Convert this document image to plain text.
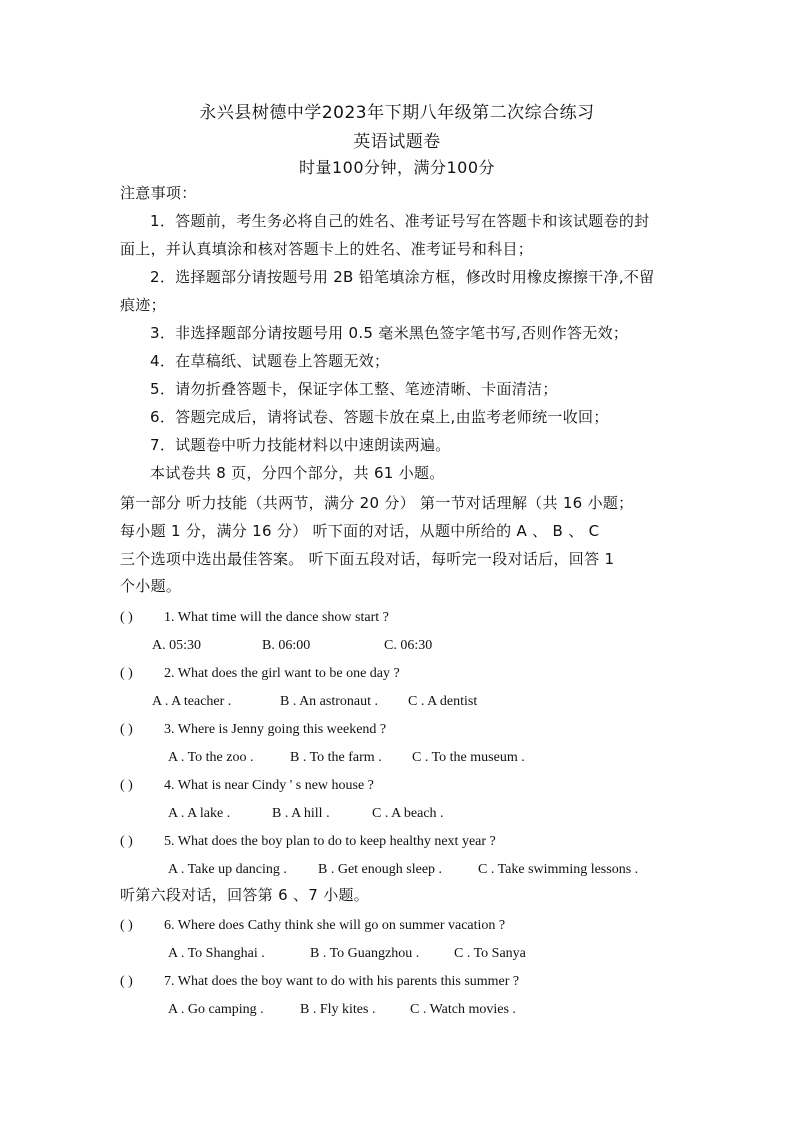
永兴县树德中学2023年下期八年级第二次综合练习
英语试题卷
时量100分钟，满分100分
注意事项：
1．答题前，考生务必将自己的姓名、准考证号写在答题卡和该试题卷的封
面上，并认真填涂和核对答题卡上的姓名、准考证号和科目；
2．选择题部分请按题号用 2B 铅笔填涂方框，修改时用橡皮擦擦干净,不留
痕迹；
3．非选择题部分请按题号用 0.5 毫米黑色签字笔书写,否则作答无效；
4．在草稿纸、试题卷上答题无效；
5．请勿折叠答题卡，保证字体工整、笔迹清晰、卡面清洁；
6．答题完成后，请将试卷、答题卡放在桌上,由监考老师统一收回；
7．试题卷中听力技能材料以中速朗读两遍。
本试卷共 8 页，分四个部分，共 61 小题。
第一部分 听力技能（共两节，满分 20 分） 第一节对话理解（共 16 小题；
每小题 1 分，满分 16 分） 听下面的对话，从题中所给的 A 、 B 、 C
三个选项中选出最佳答案。 听下面五段对话，每听完一段对话后，回答 1
个小题。
( ) 1. What time will the dance show start ?
A. 05:30	B. 06:00	C. 06:30
( ) 2. What does the girl want to be one day ?
A . A teacher .	B . An astronaut . C . A dentist
( ) 3. Where is Jenny going this weekend ?
A . To the zoo .	B . To the farm . C . To the museum .
( ) 4. What is near Cindy ' s new house ?
A . A lake .	B . A hill .	C . A beach .
( ) 5. What does the boy plan to do to keep healthy next year ?
A . Take up dancing . B . Get enough sleep .	C . Take swimming lessons .
听第六段对话，回答第 6 、7 小题。
( ) 6. Where does Cathy think she will go on summer vacation ?
A . To Shanghai .	B . To Guangzhou . C . To Sanya
( ) 7. What does the boy want to do with his parents this summer ?
A . Go camping .	B . Fly kites . C . Watch movies .
